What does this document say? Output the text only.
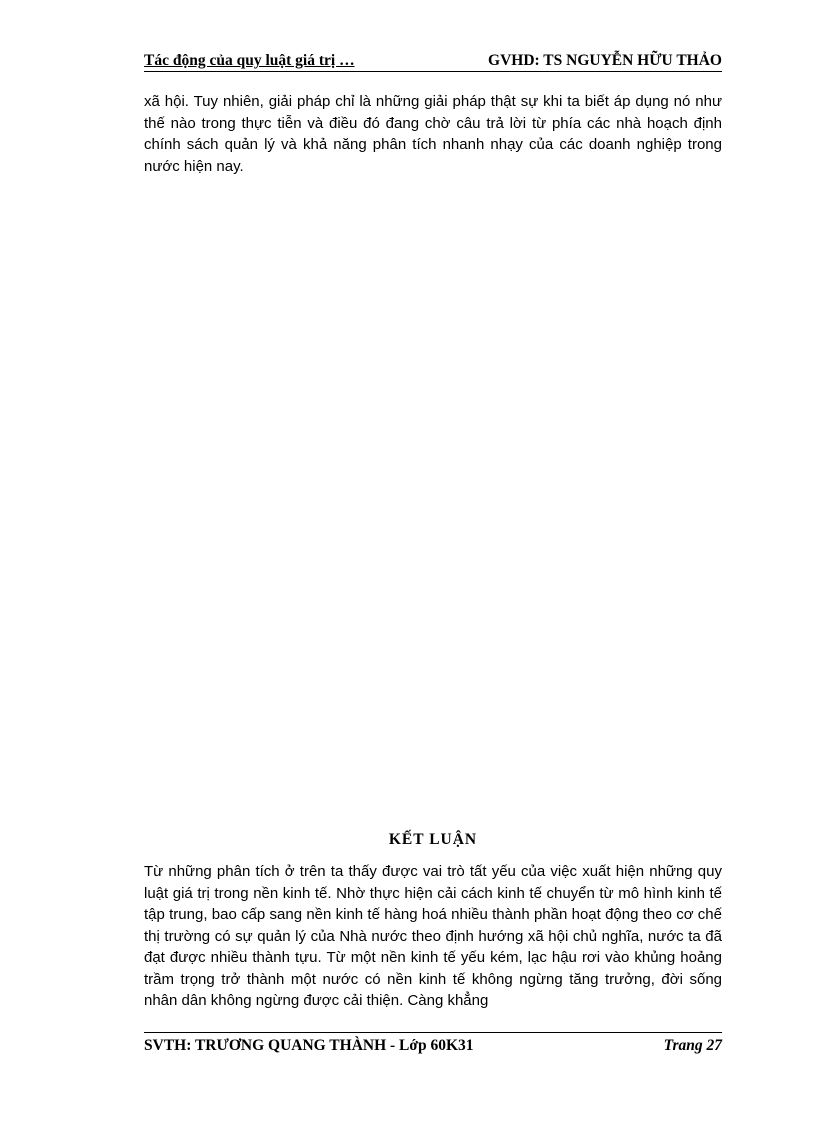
Tác động của quy luật giá trị …	GVHD: TS NGUYỄN HỮU THẢO

xã hội. Tuy nhiên, giải pháp chỉ là những giải pháp thật sự khi ta biết áp dụng nó như thế nào trong thực tiễn và điều đó đang chờ câu trả lời từ phía các nhà hoạch định chính sách quản lý và khả năng phân tích nhanh nhạy của các doanh nghiệp trong nước hiện nay.

KẾT LUẬN

Từ những phân tích ở trên ta thấy được vai trò tất yếu của việc xuất hiện những quy luật giá trị trong nền kinh tế. Nhờ thực hiện cải cách kinh tế chuyển từ mô hình kinh tế tập trung, bao cấp sang nền kinh tế hàng hoá nhiều thành phần hoạt động theo cơ chế thị trường có sự quản lý của Nhà nước theo định hướng xã hội chủ nghĩa, nước ta đã đạt được nhiều thành tựu. Từ một nền kinh tế yếu kém, lạc hậu rơi vào khủng hoảng trầm trọng trở thành một nước có nền kinh tế không ngừng tăng trưởng, đời sống nhân dân không ngừng được cải thiện. Càng khẳng

SVTH: TRƯƠNG QUANG THÀNH - Lớp 60K31	Trang 27
